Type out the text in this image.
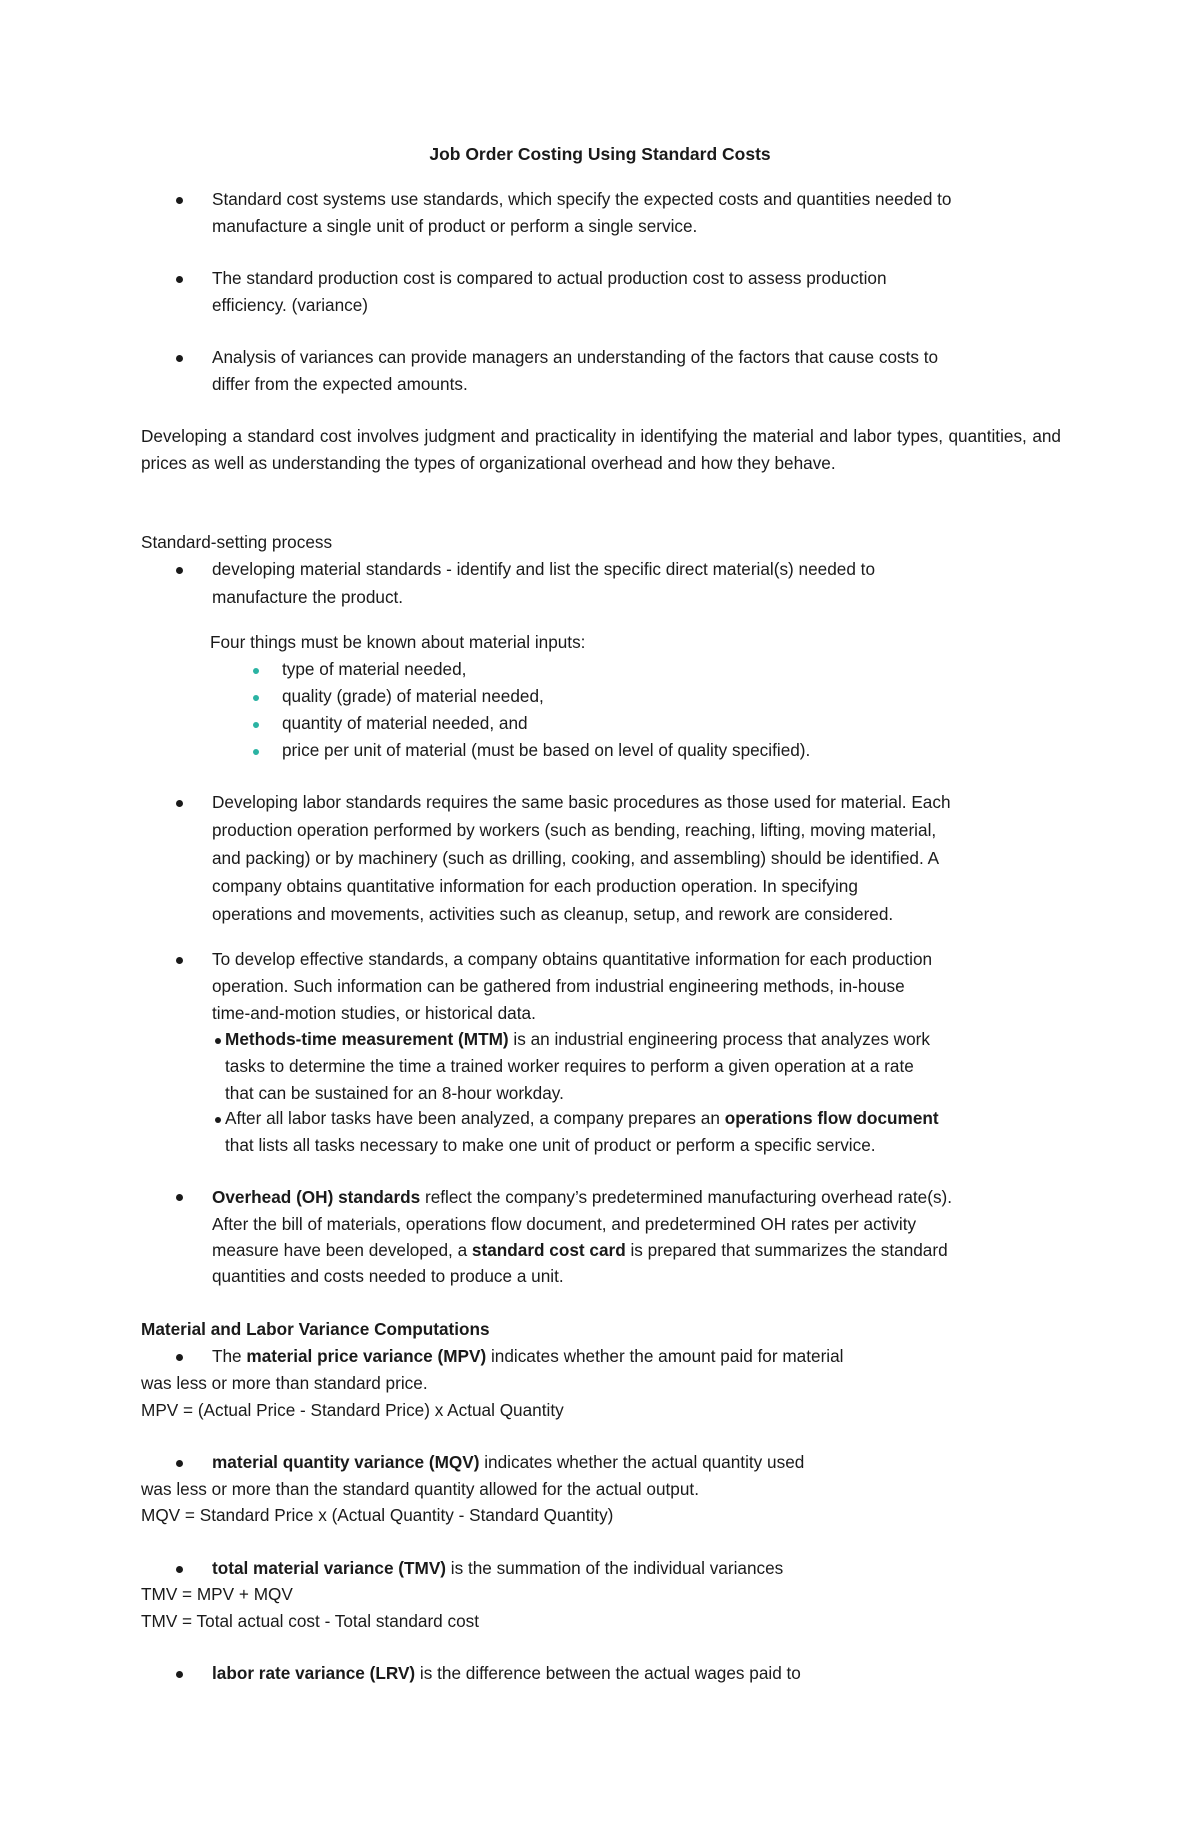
Job Order Costing Using Standard Costs
Standard cost systems use standards, which specify the expected costs and quantities needed to
manufacture a single unit of product or perform a single service.
The standard production cost is compared to actual production cost to assess production
efficiency. (variance)
Analysis of variances can provide managers an understanding of the factors that cause costs to
differ from the expected amounts.
Developing a standard cost involves judgment and practicality in identifying the material and labor types, quantities, and prices as well as understanding the types of organizational overhead and how they behave.
Standard-setting process
developing material standards - identify and list the specific direct material(s) needed to
manufacture the product.
Four things must be known about material inputs:
type of material needed,
quality (grade) of material needed,
quantity of material needed, and
price per unit of material (must be based on level of quality specified).
Developing labor standards requires the same basic procedures as those used for material. Each
production operation performed by workers (such as bending, reaching, lifting, moving material,
and packing) or by machinery (such as drilling, cooking, and assembling) should be identified. A
company obtains quantitative information for each production operation. In specifying
operations and movements, activities such as cleanup, setup, and rework are considered.
To develop effective standards, a company obtains quantitative information for each production
operation. Such information can be gathered from industrial engineering methods, in-house
time-and-motion studies, or historical data.
Methods-time measurement (MTM) is an industrial engineering process that analyzes work
tasks to determine the time a trained worker requires to perform a given operation at a rate
that can be sustained for an 8-hour workday.
After all labor tasks have been analyzed, a company prepares an operations flow document
that lists all tasks necessary to make one unit of product or perform a specific service.
Overhead (OH) standards reflect the company’s predetermined manufacturing overhead rate(s).
After the bill of materials, operations flow document, and predetermined OH rates per activity
measure have been developed, a standard cost card is prepared that summarizes the standard
quantities and costs needed to produce a unit.
Material and Labor Variance Computations
The material price variance (MPV) indicates whether the amount paid for material
was less or more than standard price.
MPV = (Actual Price - Standard Price) x Actual Quantity
material quantity variance (MQV) indicates whether the actual quantity used
was less or more than the standard quantity allowed for the actual output.
MQV = Standard Price x (Actual Quantity - Standard Quantity)
total material variance (TMV) is the summation of the individual variances
TMV = MPV + MQV
TMV = Total actual cost - Total standard cost
labor rate variance (LRV) is the difference between the actual wages paid to
